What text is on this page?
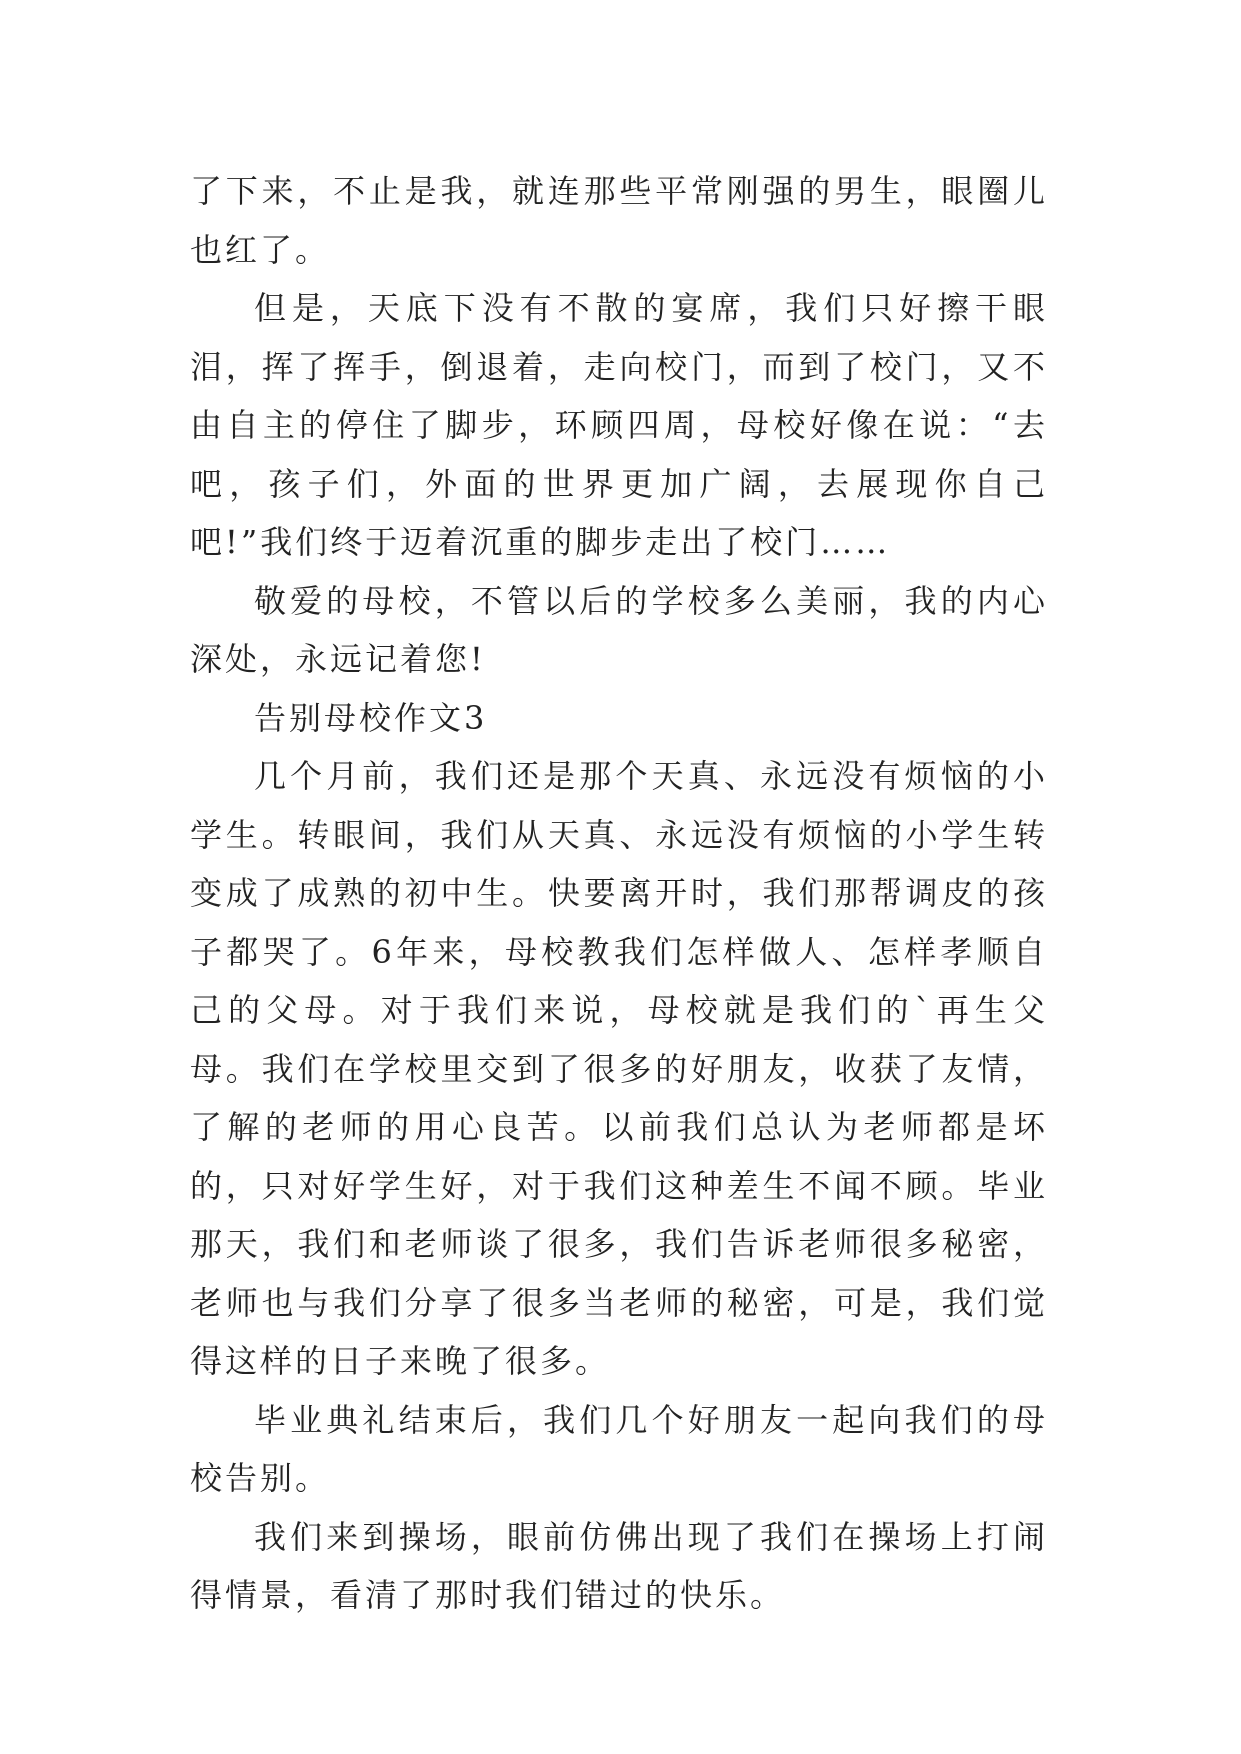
了下来，不止是我，就连那些平常刚强的男生，眼圈儿也红了。

但是，天底下没有不散的宴席，我们只好擦干眼泪，挥了挥手，倒退着，走向校门，而到了校门，又不由自主的停住了脚步，环顾四周，母校好像在说：“去吧，孩子们，外面的世界更加广阔，去展现你自己吧!”我们终于迈着沉重的脚步走出了校门……

敬爱的母校，不管以后的学校多么美丽，我的内心深处，永远记着您!

告别母校作文3

几个月前，我们还是那个天真、永远没有烦恼的小学生。转眼间，我们从天真、永远没有烦恼的小学生转变成了成熟的初中生。快要离开时，我们那帮调皮的孩子都哭了。6年来，母校教我们怎样做人、怎样孝顺自己的父母。对于我们来说，母校就是我们的`再生父母。我们在学校里交到了很多的好朋友，收获了友情，了解的老师的用心良苦。以前我们总认为老师都是坏的，只对好学生好，对于我们这种差生不闻不顾。毕业那天，我们和老师谈了很多，我们告诉老师很多秘密，老师也与我们分享了很多当老师的秘密，可是，我们觉得这样的日子来晚了很多。

毕业典礼结束后，我们几个好朋友一起向我们的母校告别。

我们来到操场，眼前仿佛出现了我们在操场上打闹得情景，看清了那时我们错过的快乐。
